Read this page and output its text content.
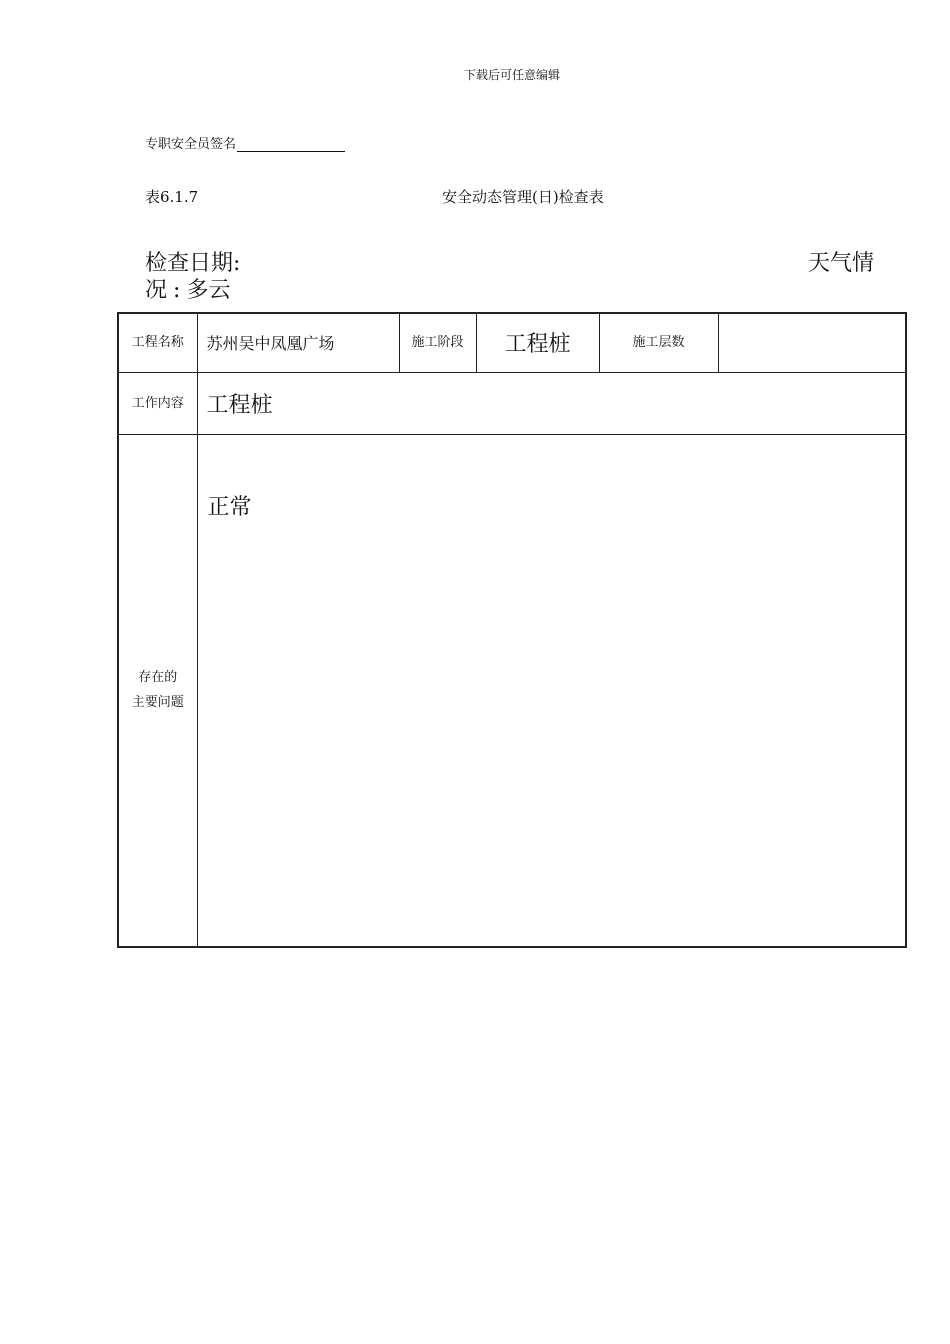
下载后可任意编辑
专职安全员签名
表6.1.7	安全动态管理(日)检查表
检查日期:	天气情
况 : 多云
工程名称	苏州吴中凤凰广场	施工阶段	工程桩	施工层数	
工作内容	工程桩				

存在的
主要问题	正常				
